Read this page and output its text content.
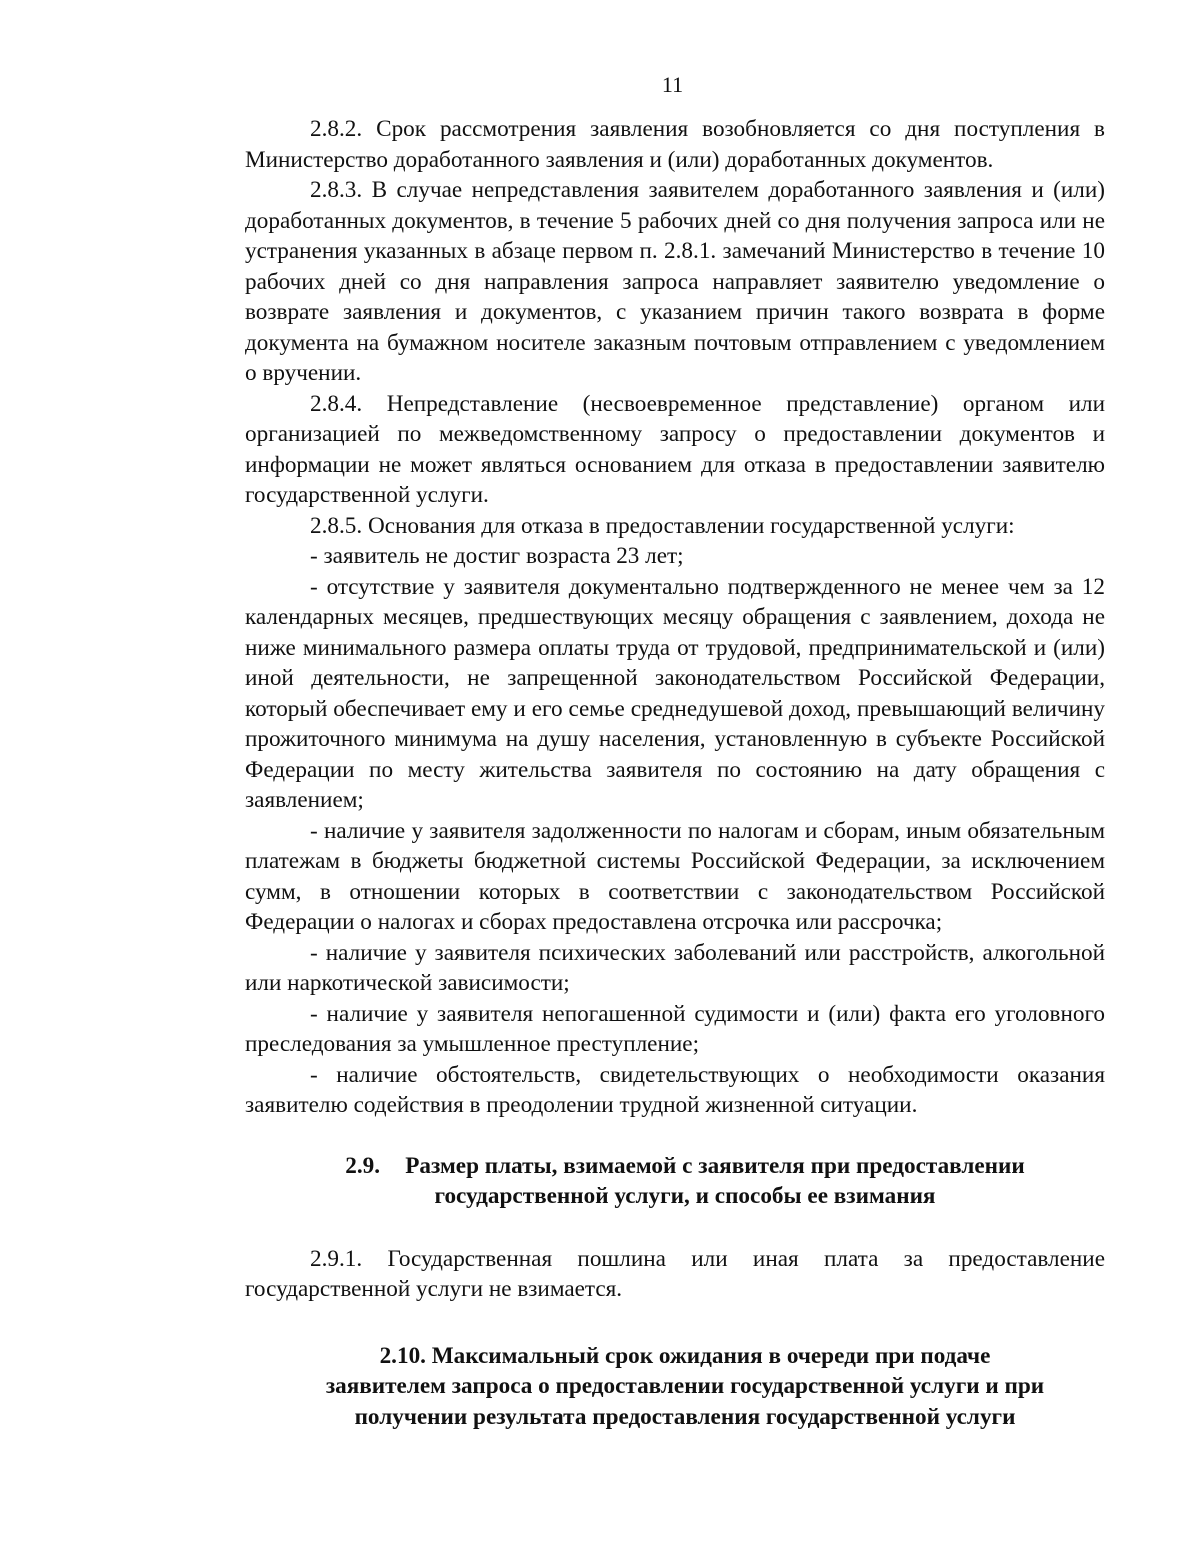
11

2.8.2. Срок рассмотрения заявления возобновляется со дня поступления в Министерство доработанного заявления и (или) доработанных документов.

2.8.3. В случае непредставления заявителем доработанного заявления и (или) доработанных документов, в течение 5 рабочих дней со дня получения запроса или не устранения указанных в абзаце первом п. 2.8.1. замечаний Министерство в течение 10 рабочих дней со дня направления запроса направляет заявителю уведомление о возврате заявления и документов, с указанием причин такого возврата в форме документа на бумажном носителе заказным почтовым отправлением с уведомлением о вручении.

2.8.4. Непредставление (несвоевременное представление) органом или организацией по межведомственному запросу о предоставлении документов и информации не может являться основанием для отказа в предоставлении заявителю государственной услуги.

2.8.5. Основания для отказа в предоставлении государственной услуги:

- заявитель не достиг возраста 23 лет;

- отсутствие у заявителя документально подтвержденного не менее чем за 12 календарных месяцев, предшествующих месяцу обращения с заявлением, дохода не ниже минимального размера оплаты труда от трудовой, предпринимательской и (или) иной деятельности, не запрещенной законодательством Российской Федерации, который обеспечивает ему и его семье среднедушевой доход, превышающий величину прожиточного минимума на душу населения, установленную в субъекте Российской Федерации по месту жительства заявителя по состоянию на дату обращения с заявлением;

- наличие у заявителя задолженности по налогам и сборам, иным обязательным платежам в бюджеты бюджетной системы Российской Федерации, за исключением сумм, в отношении которых в соответствии с законодательством Российской Федерации о налогах и сборах предоставлена отсрочка или рассрочка;

- наличие у заявителя психических заболеваний или расстройств, алкогольной или наркотической зависимости;

- наличие у заявителя непогашенной судимости и (или) факта его уголовного преследования за умышленное преступление;

- наличие обстоятельств, свидетельствующих о необходимости оказания заявителю содействия в преодолении трудной жизненной ситуации.

2.9. Размер платы, взимаемой с заявителя при предоставлении
государственной услуги, и способы ее взимания

2.9.1. Государственная пошлина или иная плата за предоставление государственной услуги не взимается.

2.10. Максимальный срок ожидания в очереди при подаче
заявителем запроса о предоставлении государственной услуги и при
получении результата предоставления государственной услуги
